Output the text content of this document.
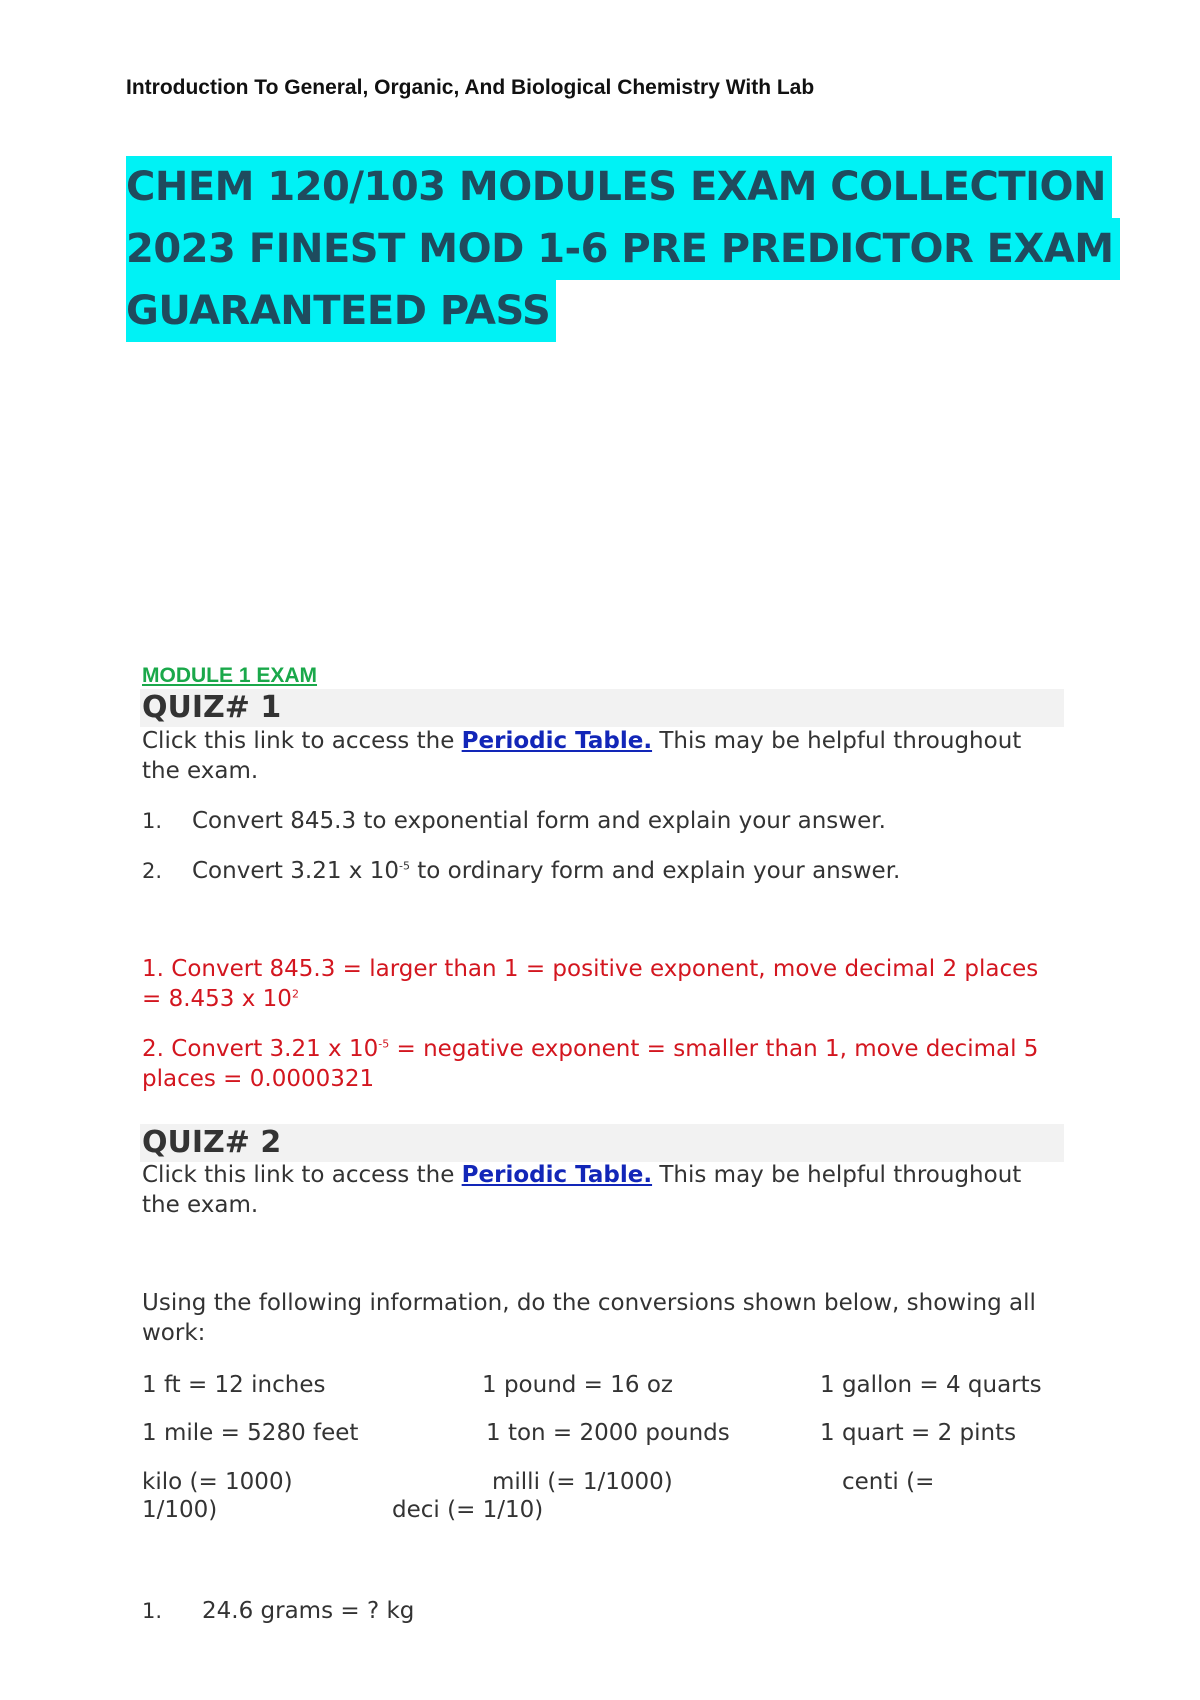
Introduction To General, Organic, And Biological Chemistry With Lab
CHEM 120/103 MODULES EXAM COLLECTION
2023 FINEST MOD 1-6 PRE PREDICTOR EXAM
GUARANTEED PASS
MODULE 1 EXAM
QUIZ# 1
Click this link to access the Periodic Table. This may be helpful throughout
the exam.
1. Convert 845.3 to exponential form and explain your answer.
2. Convert 3.21 x $10^{-5}$ to ordinary form and explain your answer.
1. Convert 845.3 = larger than 1 = positive exponent, move decimal 2 places
= 8.453 x $10^2$
2. Convert 3.21 x $10^{-5}$ = negative exponent = smaller than 1, move decimal 5
places = 0.0000321
QUIZ# 2
Click this link to access the Periodic Table. This may be helpful throughout
the exam.
Using the following information, do the conversions shown below, showing all
work:
1 ft = 12 inches	1 pound = 16 oz	1 gallon = 4 quarts
1 mile = 5280 feet	1 ton = 2000 pounds	1 quart = 2 pints
kilo (= 1000)	milli (= 1/1000)	centi (=
1/100)	deci (= 1/10)
1. 24.6 grams = ? kg
